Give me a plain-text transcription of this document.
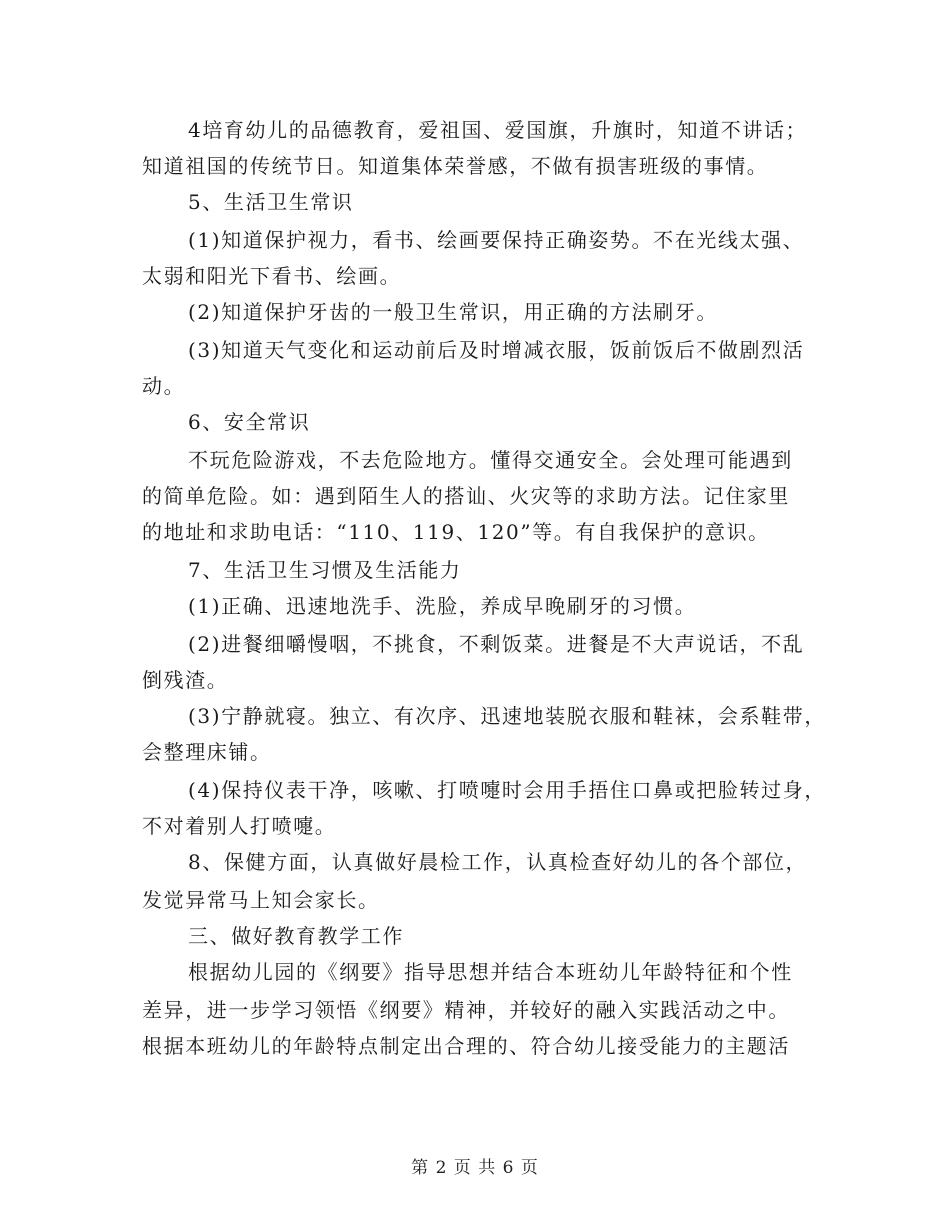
4培育幼儿的品德教育，爱祖国、爱国旗，升旗时，知道不讲话；
知道祖国的传统节日。知道集体荣誉感，不做有损害班级的事情。
5、生活卫生常识
(1)知道保护视力，看书、绘画要保持正确姿势。不在光线太强、
太弱和阳光下看书、绘画。
(2)知道保护牙齿的一般卫生常识，用正确的方法刷牙。
(3)知道天气变化和运动前后及时增减衣服，饭前饭后不做剧烈活
动。
6、安全常识
不玩危险游戏，不去危险地方。懂得交通安全。会处理可能遇到
的简单危险。如：遇到陌生人的搭讪、火灾等的求助方法。记住家里
的地址和求助电话：“110、119、120”等。有自我保护的意识。
7、生活卫生习惯及生活能力
(1)正确、迅速地洗手、洗脸，养成早晚刷牙的习惯。
(2)进餐细嚼慢咽，不挑食，不剩饭菜。进餐是不大声说话，不乱
倒残渣。
(3)宁静就寝。独立、有次序、迅速地装脱衣服和鞋袜，会系鞋带，
会整理床铺。
(4)保持仪表干净，咳嗽、打喷嚏时会用手捂住口鼻或把脸转过身，
不对着别人打喷嚏。
8、保健方面，认真做好晨检工作，认真检查好幼儿的各个部位，
发觉异常马上知会家长。
三、做好教育教学工作
根据幼儿园的《纲要》指导思想并结合本班幼儿年龄特征和个性
差异，进一步学习领悟《纲要》精神，并较好的融入实践活动之中。
根据本班幼儿的年龄特点制定出合理的、符合幼儿接受能力的主题活
第 2 页 共 6 页
